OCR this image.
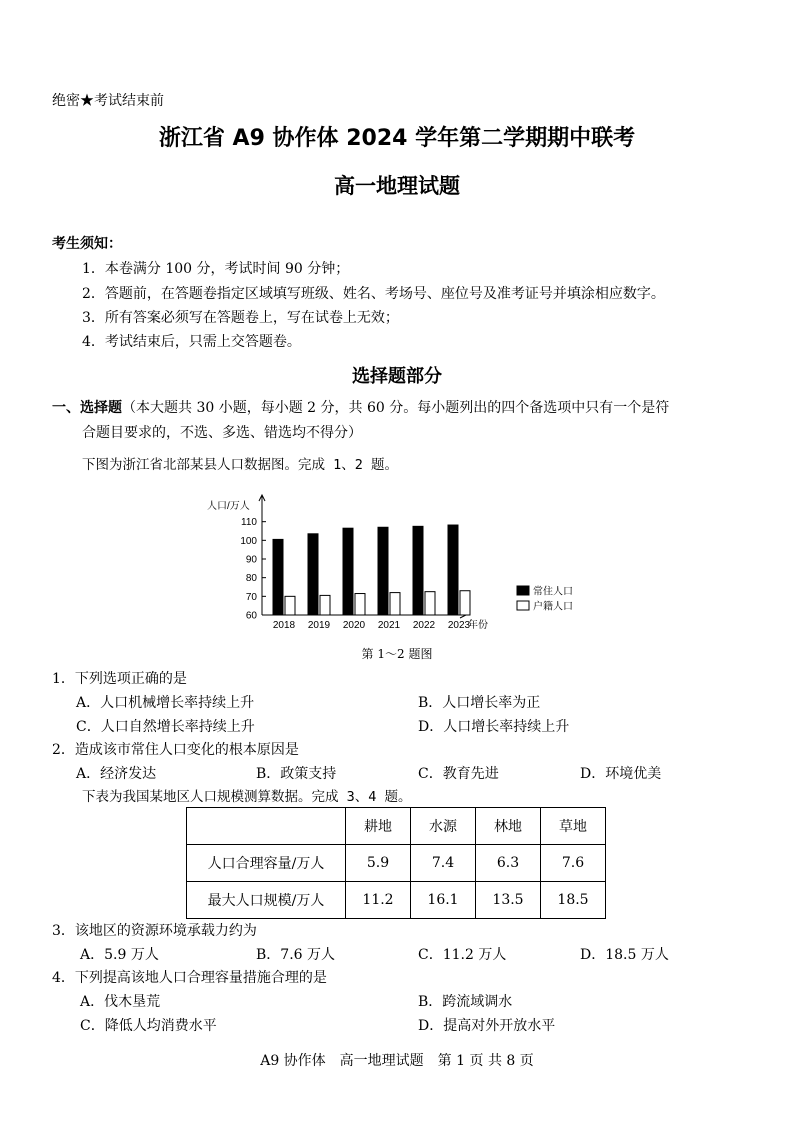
绝密★考试结束前
浙江省 A9 协作体 2024 学年第二学期期中联考
高一地理试题
考生须知：
1．本卷满分 100 分，考试时间 90 分钟；
2．答题前，在答题卷指定区域填写班级、姓名、考场号、座位号及准考证号并填涂相应数字。
3．所有答案必须写在答题卷上，写在试卷上无效；
4．考试结束后，只需上交答题卷。
选择题部分
一、选择题（本大题共 30 小题，每小题 2 分，共 60 分。每小题列出的四个备选项中只有一个是符
合题目要求的，不选、多选、错选均不得分）
下图为浙江省北部某县人口数据图。完成 1、2 题。
60
70
80
90
100
110
人口/万人
2018 2019 2020 2021 2022 2023
年份
常住人口
户籍人口
第 1～2 题图
1．下列选项正确的是
A．人口机械增长率持续上升	B．人口增长率为正
C．人口自然增长率持续上升	D．人口增长率持续上升
2．造成该市常住人口变化的根本原因是
A．经济发达	B．政策支持	C．教育先进	D．环境优美
下表为我国某地区人口规模测算数据。完成 3、4 题。
	耕地	水源	林地	草地
人口合理容量/万人	5.9	7.4	6.3	7.6
最大人口规模/万人	11.2	16.1	13.5	18.5
3．该地区的资源环境承载力约为
A．5.9 万人	B．7.6 万人	C．11.2 万人	D．18.5 万人
4．下列提高该地人口合理容量措施合理的是
A．伐木垦荒	B．跨流域调水
C．降低人均消费水平	D．提高对外开放水平
A9 协作体　高一地理试题　第 1 页 共 8 页
